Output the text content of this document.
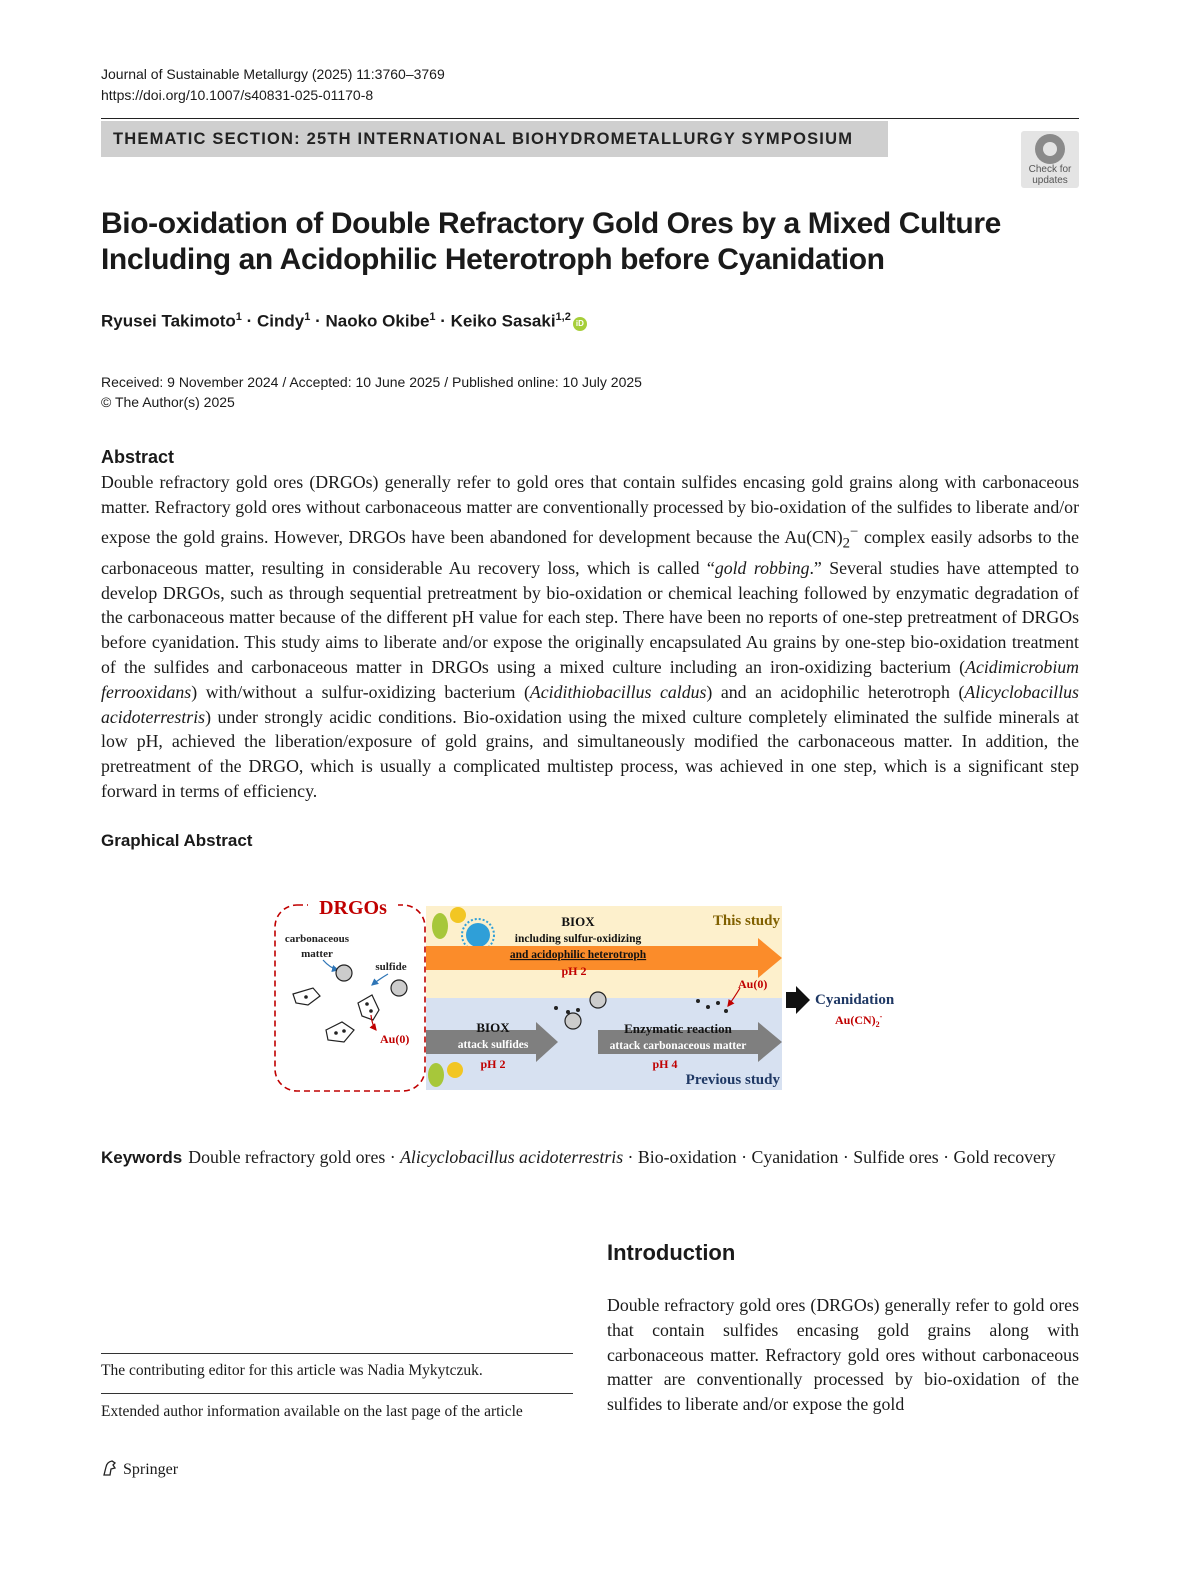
Journal of Sustainable Metallurgy (2025) 11:3760–3769
https://doi.org/10.1007/s40831-025-01170-8
THEMATIC SECTION: 25TH INTERNATIONAL BIOHYDROMETALLURGY SYMPOSIUM
Check for updates
Bio-oxidation of Double Refractory Gold Ores by a Mixed Culture
Including an Acidophilic Heterotroph before Cyanidation
Ryusei Takimoto$^1$ · Cindy$^1$ · Naoko Okibe$^1$ · Keiko Sasaki$^{1,2}$iD
Received: 9 November 2024 / Accepted: 10 June 2025 / Published online: 10 July 2025
© The Author(s) 2025
Abstract
Double refractory gold ores (DRGOs) generally refer to gold ores that contain sulfides encasing gold grains along with carbonaceous matter. Refractory gold ores without carbonaceous matter are conventionally processed by bio-oxidation of the sulfides to liberate and/or expose the gold grains. However, DRGOs have been abandoned for development because the $Au(CN)_2^-$ complex easily adsorbs to the carbonaceous matter, resulting in considerable Au recovery loss, which is called “gold robbing.” Several studies have attempted to develop DRGOs, such as through sequential pretreatment by bio-oxidation or chemical leaching followed by enzymatic degradation of the carbonaceous matter because of the different pH value for each step. There have been no reports of one-step pretreatment of DRGOs before cyanidation. This study aims to liberate and/or expose the originally encapsulated Au grains by one-step bio-oxidation treatment of the sulfides and carbonaceous matter in DRGOs using a mixed culture including an iron-oxidizing bacterium (Acidimicrobium ferrooxidans) with/without a sulfur-oxidizing bacterium (Acidithiobacillus caldus) and an acidophilic heterotroph (Alicyclobacillus acidoterrestris) under strongly acidic conditions. Bio-oxidation using the mixed culture completely eliminated the sulfide minerals at low pH, achieved the liberation/exposure of gold grains, and simultaneously modified the carbonaceous matter. In addition, the pretreatment of the DRGO, which is usually a complicated multistep process, was achieved in one step, which is a significant step forward in terms of efficiency.
Graphical Abstract
DRGOs
carbonaceous
matter
sulfide
Au(0)
BIOX
including sulfur-oxidizing
and acidophilic heterotroph
pH 2
This study
Au(0)
BIOX
attack sulfides
pH 2
Enzymatic reaction
attack carbonaceous matter
pH 4
Previous study
Cyanidation
$Au(CN)_2^-$
Keywords Double refractory gold ores · Alicyclobacillus acidoterrestris · Bio-oxidation · Cyanidation · Sulfide ores · Gold recovery
Introduction
Double refractory gold ores (DRGOs) generally refer to gold ores that contain sulfides encasing gold grains along with carbonaceous matter. Refractory gold ores without carbonaceous matter are conventionally processed by bio-oxidation of the sulfides to liberate and/or expose the gold
The contributing editor for this article was Nadia Mykytczuk.
Extended author information available on the last page of the article
Springer
